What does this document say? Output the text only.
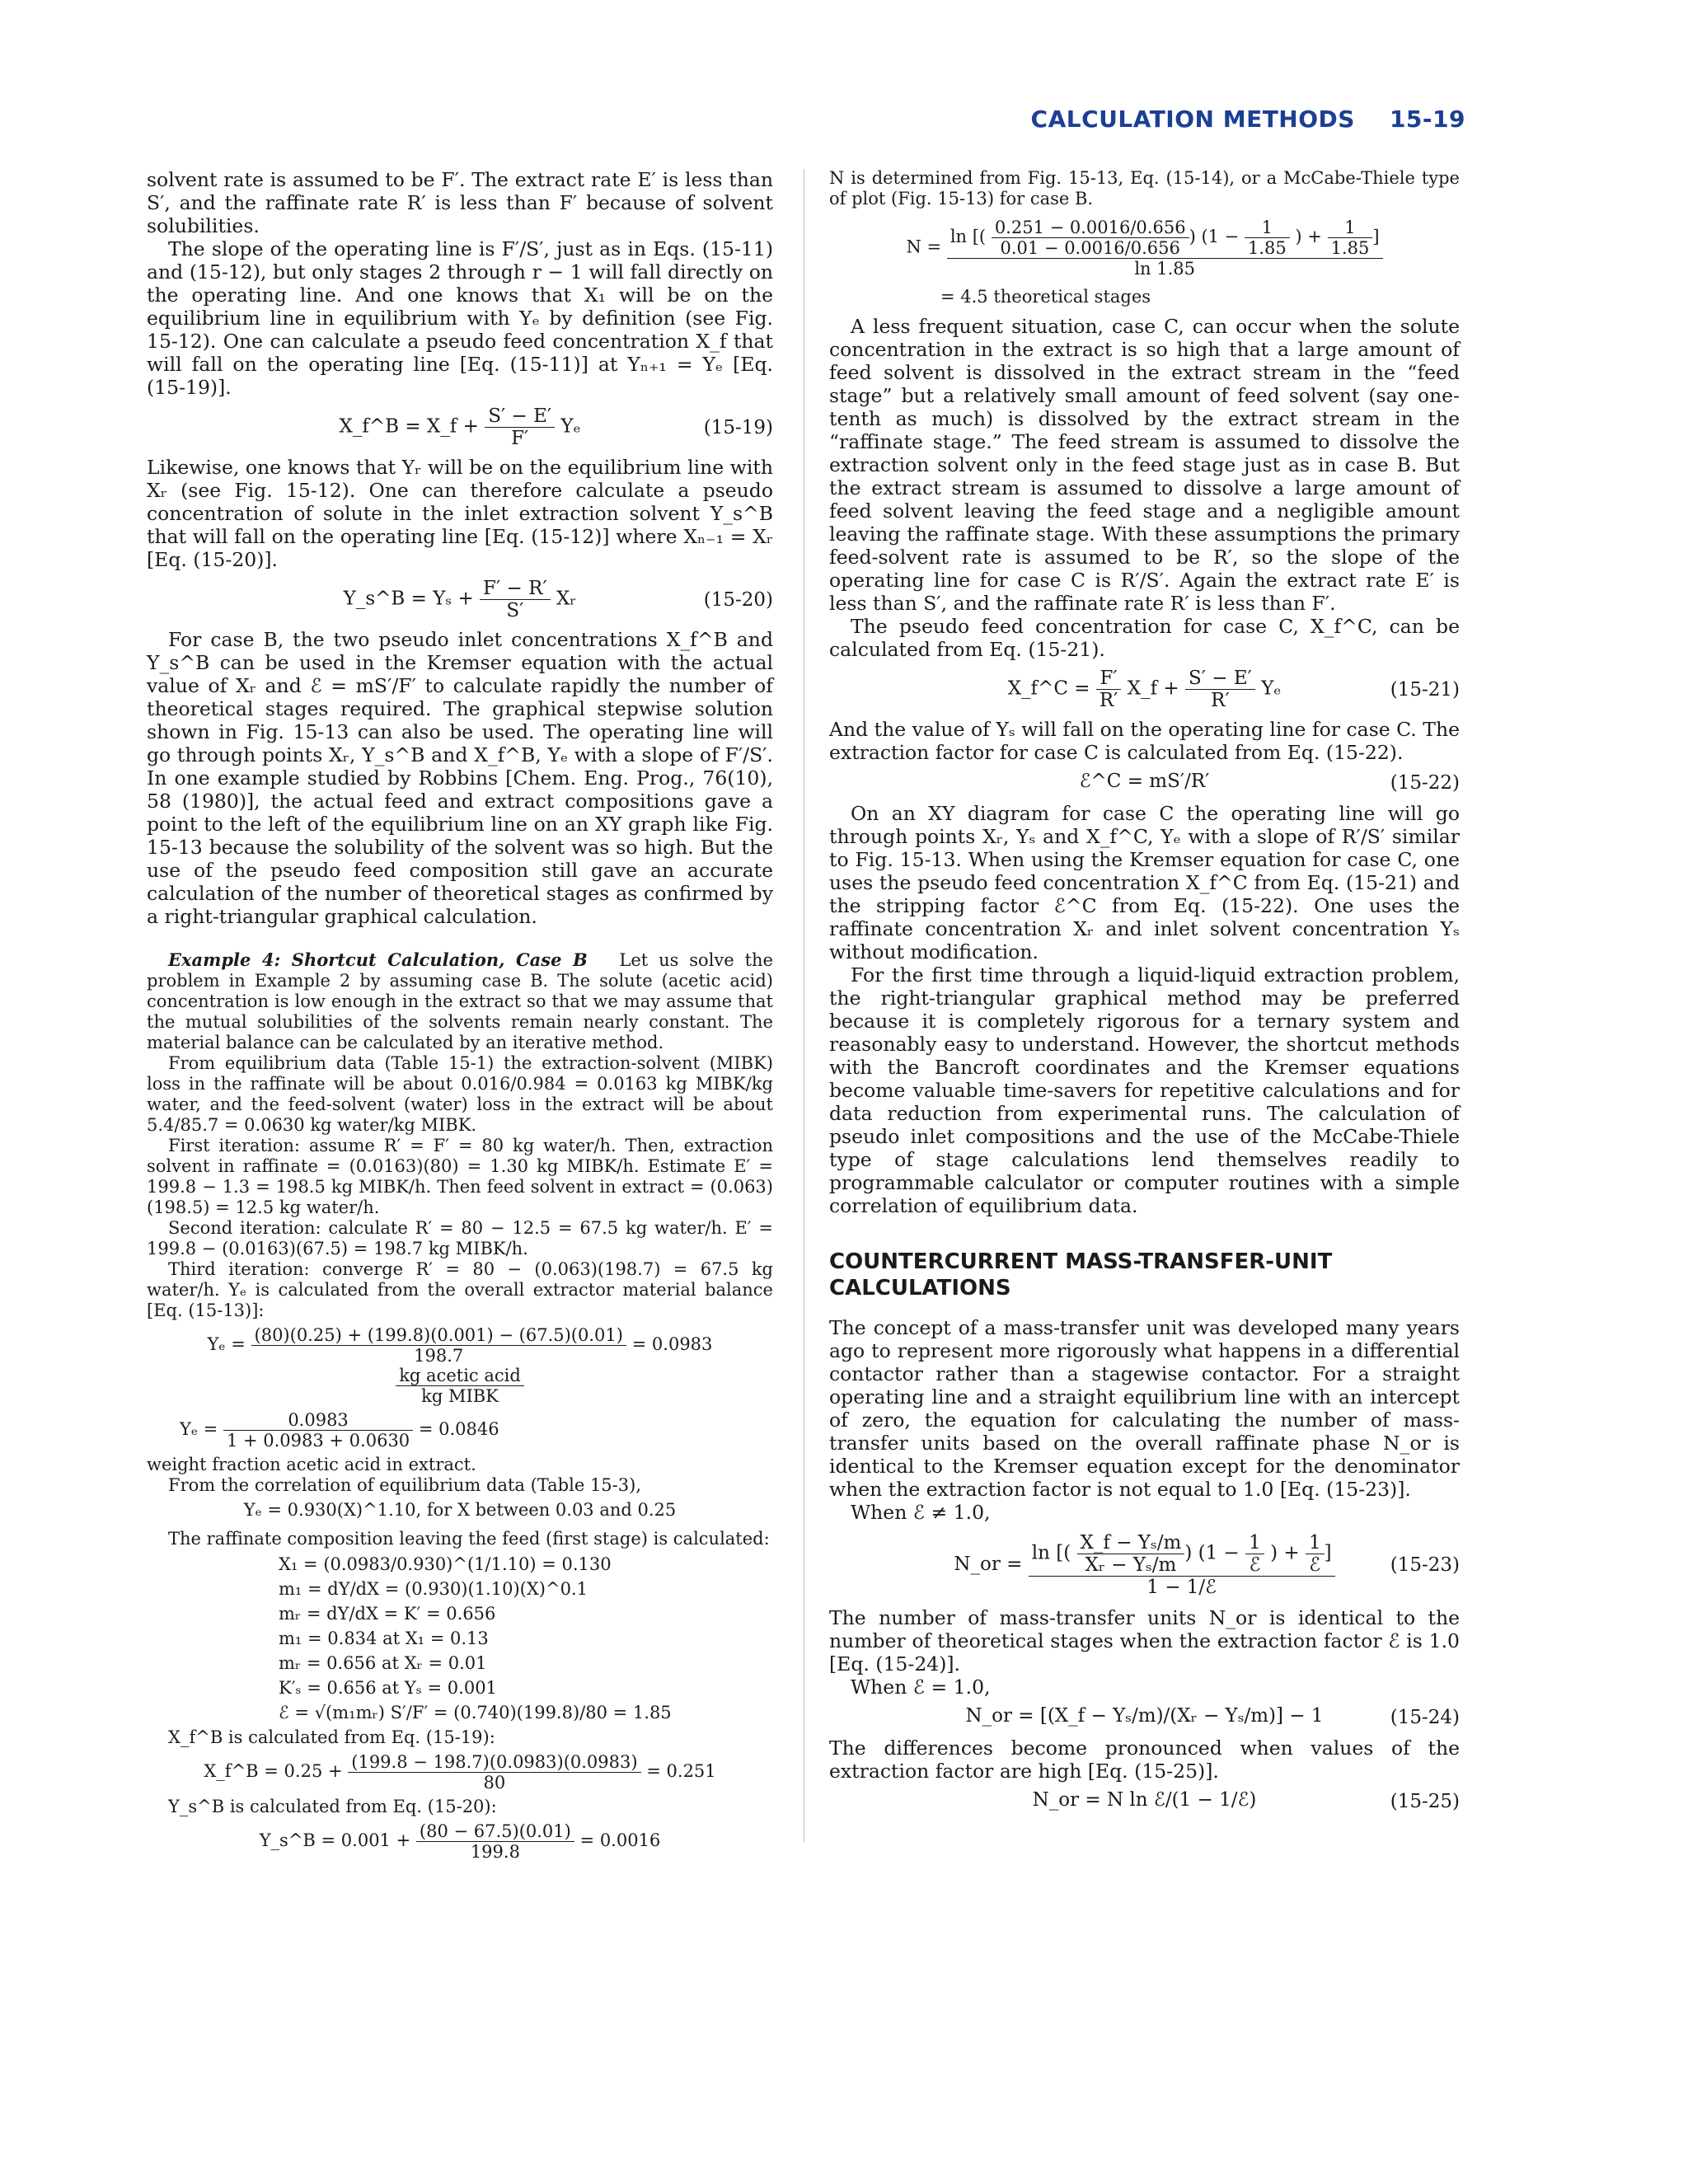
CALCULATION METHODS 15-19

solvent rate is assumed to be F′. The extract rate E′ is less than S′, and the raffinate rate R′ is less than F′ because of solvent solubilities.

The slope of the operating line is F′/S′, just as in Eqs. (15-11) and (15-12), but only stages 2 through r − 1 will fall directly on the operating line. And one knows that X₁ will be on the equilibrium line in equilibrium with Yₑ by definition (see Fig. 15-12). One can calculate a pseudo feed concentration X_f that will fall on the operating line [Eq. (15-11)] at Yₙ₊₁ = Yₑ [Eq. (15-19)].

X_f^B = X_f + $\frac{S' - E'}{F'}$ Yₑ	(15-19)

Likewise, one knows that Yᵣ will be on the equilibrium line with Xᵣ (see Fig. 15-12). One can therefore calculate a pseudo concentration of solute in the inlet extraction solvent Y_s^B that will fall on the operating line [Eq. (15-12)] where Xₙ₋₁ = Xᵣ [Eq. (15-20)].

Y_s^B = $Y_s + \frac{F' - R'}{S'}$ Xᵣ	(15-20)

For case B, the two pseudo inlet concentrations X_f^B and Y_s^B can be used in the Kremser equation with the actual value of Xᵣ and ℰ = mS′/F′ to calculate rapidly the number of theoretical stages required. The graphical stepwise solution shown in Fig. 15-13 can also be used. The operating line will go through points Xᵣ, Y_s^B and X_f^B, Yₑ with a slope of F′/S′. In one example studied by Robbins [Chem. Eng. Prog., 76(10), 58 (1980)], the actual feed and extract compositions gave a point to the left of the equilibrium line on an XY graph like Fig. 15-13 because the solubility of the solvent was so high. But the use of the pseudo feed composition still gave an accurate calculation of the number of theoretical stages as confirmed by a right-triangular graphical calculation.

Example 4: Shortcut Calculation, Case B Let us solve the problem in Example 2 by assuming case B. The solute (acetic acid) concentration is low enough in the extract so that we may assume that the mutual solubilities of the solvents remain nearly constant. The material balance can be calculated by an iterative method.

From equilibrium data (Table 15-1) the extraction-solvent (MIBK) loss in the raffinate will be about 0.016/0.984 = 0.0163 kg MIBK/kg water, and the feed-solvent (water) loss in the extract will be about 5.4/85.7 = 0.0630 kg water/kg MIBK.

First iteration: assume R′ = F′ = 80 kg water/h. Then, extraction solvent in raffinate = (0.0163)(80) = 1.30 kg MIBK/h. Estimate E′ = 199.8 − 1.3 = 198.5 kg MIBK/h. Then feed solvent in extract = (0.063)(198.5) = 12.5 kg water/h.

Second iteration: calculate R′ = 80 − 12.5 = 67.5 kg water/h. E′ = 199.8 − (0.0163)(67.5) = 198.7 kg MIBK/h.

Third iteration: converge R′ = 80 − (0.063)(198.7) = 67.5 kg water/h. Yₑ is calculated from the overall extractor material balance [Eq. (15-13)]:

$Y_e = \frac{(80)(0.25) + (199.8)(0.001) - (67.5)(0.01)}{198.7} = 0.0983$
$\frac{\text{kg acetic acid}}{\text{kg MIBK}}$
$Y_e = \frac{0.0983}{1 + 0.0983 + 0.0630} = 0.0846$

weight fraction acetic acid in extract.

From the correlation of equilibrium data (Table 15-3),

Yₑ = 0.930(X)^1.10, for X between 0.03 and 0.25

The raffinate composition leaving the feed (first stage) is calculated:

X₁ = (0.0983/0.930)^(1/1.10) = 0.130
m₁ = dY/dX = (0.930)(1.10)(X)^0.1
mᵣ = dY/dX = K′ = 0.656
m₁ = 0.834 at X₁ = 0.13
mᵣ = 0.656 at Xᵣ = 0.01
K′ₛ = 0.656 at Yₛ = 0.001
ℰ = √(m₁mᵣ) S′/F′ = (0.740)(199.8)/80 = 1.85

X_f^B is calculated from Eq. (15-19):

X_f^B = $0.25 + \frac{(199.8 - 198.7)(0.0983)(0.0983)}{80} = 0.251$

Y_s^B is calculated from Eq. (15-20):

Y_s^B = $0.001 + \frac{(80 - 67.5)(0.01)}{199.8} = 0.0016$

N is determined from Fig. 15-13, Eq. (15-14), or a McCabe-Thiele type of plot (Fig. 15-13) for case B.

N =
ln [( $\frac{0.251 - 0.0016/0.656}{0.01 - 0.0016/0.656}$ ) ($1 - \frac{1}{1.85}$ ) + $\frac{1}{1.85}$ ]
ln 1.85
= 4.5 theoretical stages

A less frequent situation, case C, can occur when the solute concentration in the extract is so high that a large amount of feed solvent is dissolved in the extract stream in the “feed stage” but a relatively small amount of feed solvent (say one-tenth as much) is dissolved by the extract stream in the “raffinate stage.” The feed stream is assumed to dissolve the extraction solvent only in the feed stage just as in case B. But the extract stream is assumed to dissolve a large amount of feed solvent leaving the feed stage and a negligible amount leaving the raffinate stage. With these assumptions the primary feed-solvent rate is assumed to be R′, so the slope of the operating line for case C is R′/S′. Again the extract rate E′ is less than S′, and the raffinate rate R′ is less than F′.

The pseudo feed concentration for case C, X_f^C, can be calculated from Eq. (15-21).

X_f^C = $\frac{F'}{R'}$ X_f + $\frac{S' - E'}{R'}$ Yₑ	(15-21)

And the value of Yₛ will fall on the operating line for case C. The extraction factor for case C is calculated from Eq. (15-22).

ℰ^C = mS′/R′	(15-22)

On an XY diagram for case C the operating line will go through points Xᵣ, Yₛ and X_f^C, Yₑ with a slope of R′/S′ similar to Fig. 15-13. When using the Kremser equation for case C, one uses the pseudo feed concentration X_f^C from Eq. (15-21) and the stripping factor ℰ^C from Eq. (15-22). One uses the raffinate concentration Xᵣ and inlet solvent concentration Yₛ without modification.

For the first time through a liquid-liquid extraction problem, the right-triangular graphical method may be preferred because it is completely rigorous for a ternary system and reasonably easy to understand. However, the shortcut methods with the Bancroft coordinates and the Kremser equations become valuable time-savers for repetitive calculations and for data reduction from experimental runs. The calculation of pseudo inlet compositions and the use of the McCabe-Thiele type of stage calculations lend themselves readily to programmable calculator or computer routines with a simple correlation of equilibrium data.

COUNTERCURRENT MASS-TRANSFER-UNIT CALCULATIONS

The concept of a mass-transfer unit was developed many years ago to represent more rigorously what happens in a differential contactor rather than a stagewise contactor. For a straight operating line and a straight equilibrium line with an intercept of zero, the equation for calculating the number of mass-transfer units based on the overall raffinate phase N_or is identical to the Kremser equation except for the denominator when the extraction factor is not equal to 1.0 [Eq. (15-23)].

When ℰ ≠ 1.0,

N_or =
ln [( $\frac{\text{X\_f − Yₛ/m}}{\text{Xᵣ − Yₛ/m}}$ ) ($1 - \frac{1}{\text{ℰ}}$ ) + $\frac{1}{\text{ℰ}}$ ]
1 − 1/ℰ
(15-23)

The number of mass-transfer units N_or is identical to the number of theoretical stages when the extraction factor ℰ is 1.0 [Eq. (15-24)].

When ℰ = 1.0,

N_or = [(X_f − Yₛ/m)/(Xᵣ − Yₛ/m)] − 1	(15-24)

The differences become pronounced when values of the extraction factor are high [Eq. (15-25)].

N_or = N ln ℰ/(1 − 1/ℰ)	(15-25)
